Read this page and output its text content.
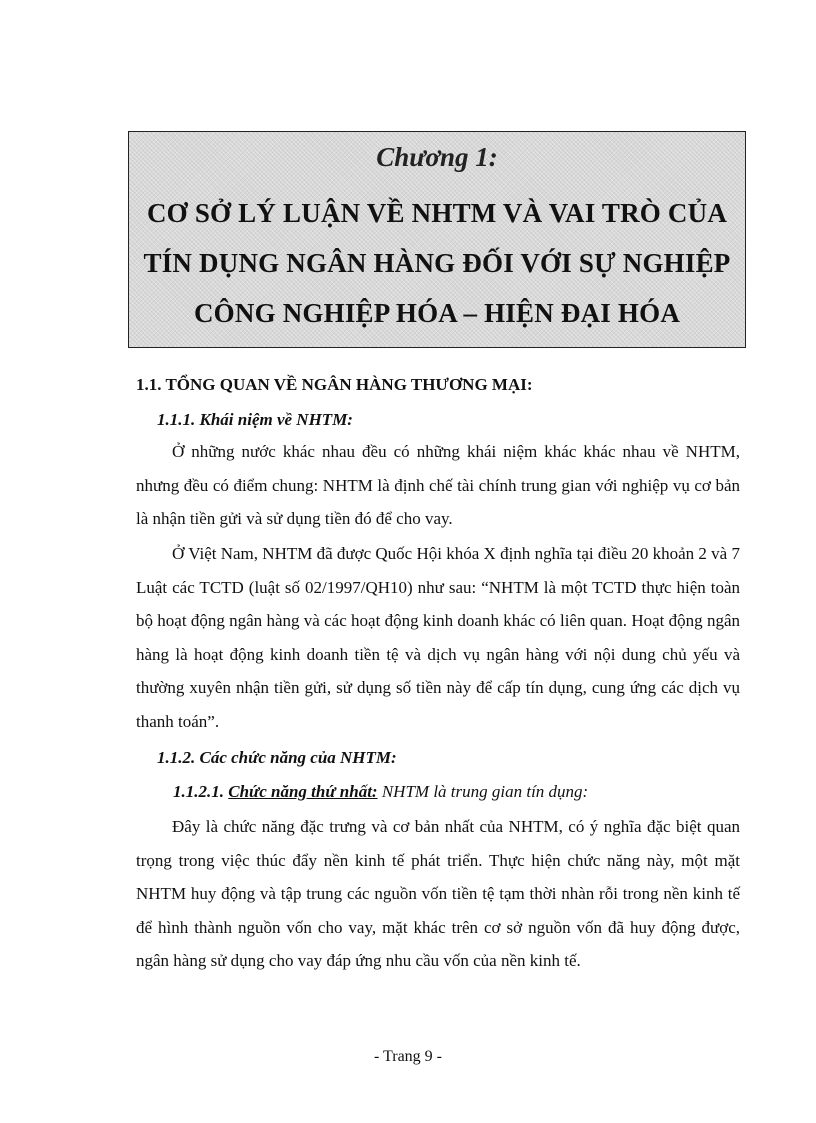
Chương 1:
CƠ SỞ LÝ LUẬN VỀ NHTM VÀ VAI TRÒ CỦA
TÍN DỤNG NGÂN HÀNG ĐỐI VỚI SỰ NGHIỆP
CÔNG NGHIỆP HÓA – HIỆN ĐẠI HÓA
1.1. TỔNG QUAN VỀ NGÂN HÀNG THƯƠNG MẠI:
1.1.1. Khái niệm về NHTM:
Ở những nước khác nhau đều có những khái niệm khác khác nhau về NHTM, nhưng đều có điểm chung: NHTM là định chế tài chính trung gian với nghiệp vụ cơ bản là nhận tiền gửi và sử dụng tiền đó để cho vay.
Ở Việt Nam, NHTM đã được Quốc Hội khóa X định nghĩa tại điều 20 khoản 2 và 7 Luật các TCTD (luật số 02/1997/QH10) như sau: “NHTM là một TCTD thực hiện toàn bộ hoạt động ngân hàng và các hoạt động kinh doanh khác có liên quan. Hoạt động ngân hàng là hoạt động kinh doanh tiền tệ và dịch vụ ngân hàng với nội dung chủ yếu và thường xuyên nhận tiền gửi, sử dụng số tiền này để cấp tín dụng, cung ứng các dịch vụ thanh toán”.
1.1.2. Các chức năng của NHTM:
1.1.2.1. Chức năng thứ nhất: NHTM là trung gian tín dụng:
Đây là chức năng đặc trưng và cơ bản nhất của NHTM, có ý nghĩa đặc biệt quan trọng trong việc thúc đẩy nền kinh tế phát triển. Thực hiện chức năng này, một mặt NHTM huy động và tập trung các nguồn vốn tiền tệ tạm thời nhàn rỗi trong nền kinh tế để hình thành nguồn vốn cho vay, mặt khác trên cơ sở nguồn vốn đã huy động được, ngân hàng sử dụng cho vay đáp ứng nhu cầu vốn của nền kinh tế.
- Trang 9 -
